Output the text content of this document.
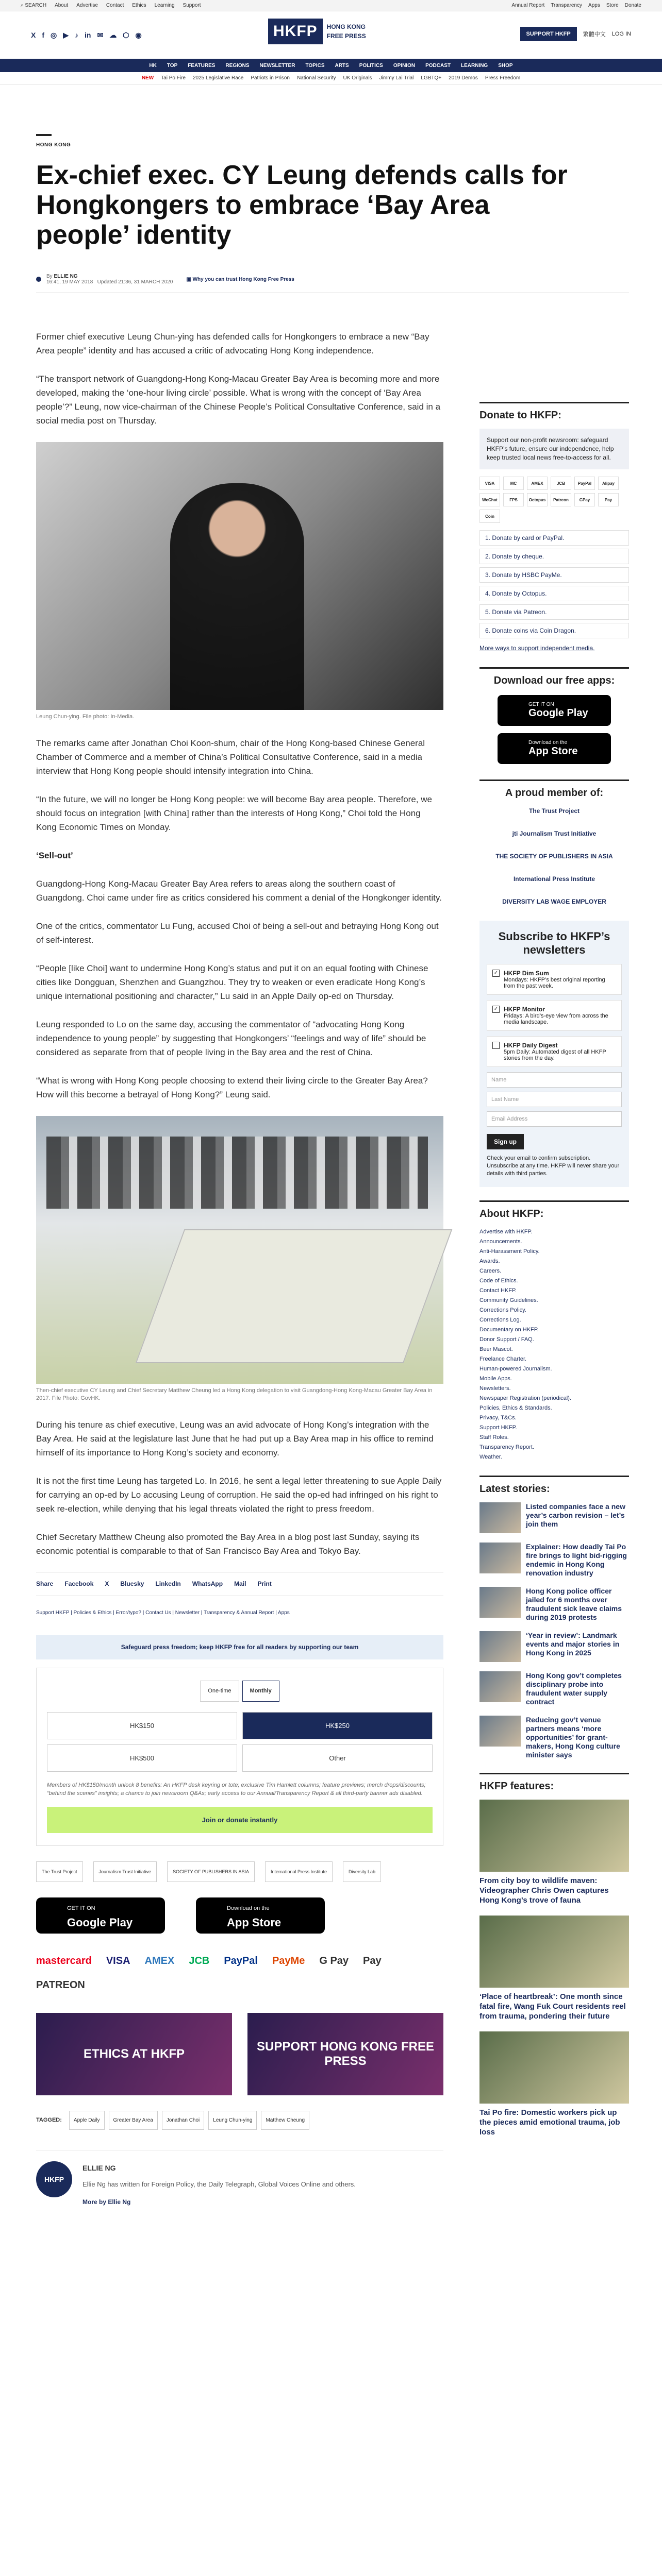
⌕ SEARCH About Advertise Contact Ethics Learning Support	Annual Report Transparency Apps Store Donate
X f ◎ ▶ ♪ in ✉ ☁ ⬡ ◉	HKFP	HONG KONG
FREE PRESS	SUPPORT HKFP	繁體中文 LOG IN
HK TOP FEATURES REGIONS NEWSLETTER TOPICS ARTS POLITICS OPINION PODCAST LEARNING SHOP
NEW Tai Po Fire 2025 Legislative Race Patriots in Prison National Security UK Originals Jimmy Lai Trial LGBTQ+ 2019 Demos Press Freedom
HONG KONG
Ex-chief exec. CY Leung defends calls for Hongkongers to embrace ‘Bay Area people’ identity
By ELLIE NG
16:41, 19 MAY 2018 Updated 21:36, 31 MARCH 2020	▣ Why you can trust Hong Kong Free Press

Former chief executive Leung Chun-ying has defended calls for Hongkongers to embrace a new “Bay Area people” identity and has accused a critic of advocating Hong Kong independence.

“The transport network of Guangdong-Hong Kong-Macau Greater Bay Area is becoming more and more developed, making the ‘one-hour living circle’ possible. What is wrong with the concept of ‘Bay Area people’?” Leung, now vice-chairman of the Chinese People’s Political Consultative Conference, said in a social media post on Thursday.

Leung Chun-ying. File photo: In-Media.

The remarks came after Jonathan Choi Koon-shum, chair of the Hong Kong-based Chinese General Chamber of Commerce and a member of China’s Political Consultative Conference, said in a media interview that Hong Kong people should intensify integration into China.

“In the future, we will no longer be Hong Kong people: we will become Bay area people. Therefore, we should focus on integration [with China] rather than the interests of Hong Kong,” Choi told the Hong Kong Economic Times on Monday.

‘Sell-out’

Guangdong-Hong Kong-Macau Greater Bay Area refers to areas along the southern coast of Guangdong. Choi came under fire as critics considered his comment a denial of the Hongkonger identity.

One of the critics, commentator Lu Fung, accused Choi of being a sell-out and betraying Hong Kong out of self-interest.

“People [like Choi] want to undermine Hong Kong’s status and put it on an equal footing with Chinese cities like Dongguan, Shenzhen and Guangzhou. They try to weaken or even eradicate Hong Kong’s unique international positioning and character,” Lu said in an Apple Daily op-ed on Thursday.

Leung responded to Lo on the same day, accusing the commentator of “advocating Hong Kong independence to young people” by suggesting that Hongkongers’ “feelings and way of life” should be considered as separate from that of people living in the Bay area and the rest of China.

“What is wrong with Hong Kong people choosing to extend their living circle to the Greater Bay Area? How will this become a betrayal of Hong Kong?” Leung said.

Then-chief executive CY Leung and Chief Secretary Matthew Cheung led a Hong Kong delegation to visit Guangdong-Hong Kong-Macau Greater Bay Area in 2017. File Photo: GovHK.

During his tenure as chief executive, Leung was an avid advocate of Hong Kong’s integration with the Bay Area. He said at the legislature last June that he had put up a Bay Area map in his office to remind himself of its importance to Hong Kong’s society and economy.

It is not the first time Leung has targeted Lo. In 2016, he sent a legal letter threatening to sue Apple Daily for carrying an op-ed by Lo accusing Leung of corruption. He said the op-ed had infringed on his right to seek re-election, while denying that his legal threats violated the right to press freedom.

Chief Secretary Matthew Cheung also promoted the Bay Area in a blog post last Sunday, saying its economic potential is comparable to that of San Francisco Bay Area and Tokyo Bay.

Share Facebook X Bluesky LinkedIn WhatsApp Mail Print
Support HKFP | Policies & Ethics | Error/typo? | Contact Us | Newsletter | Transparency & Annual Report | Apps
Safeguard press freedom; keep HKFP free for all readers by supporting our team
One-time	Monthly
HK$150	HK$250
HK$500	Other
Members of HK$150/month unlock 8 benefits: An HKFP desk keyring or tote; exclusive Tim Hamlett columns; feature previews; merch drops/discounts; “behind the scenes” insights; a chance to join newsroom Q&As; early access to our Annual/Transparency Report & all third-party banner ads disabled.
Join or donate instantly
The Trust Project	Journalism Trust Initiative	SOCIETY OF PUBLISHERS IN ASIA	International Press Institute	Diversity Lab
GET IT ON
Google Play
Download on the
App Store
mastercard VISA AMEX JCB PayPal PayMe G Pay Pay
PATREON
ETHICS AT HKFP
SUPPORT HONG KONG FREE PRESS
TAGGED:	Apple Daily	Greater Bay Area	Jonathan Choi	Leung Chun-ying	Matthew Cheung
HKFP
ELLIE NG
Ellie Ng has written for Foreign Policy, the Daily Telegraph, Global Voices Online and others.
More by Ellie Ng
Donate to HKFP:
Support our non-profit newsroom: safeguard HKFP’s future, ensure our independence, help keep trusted local news free-to-access for all.
VISA	MC	AMEX	JCB	PayPal	Alipay
WeChat	FPS	Octopus	Patreon	GPay	Pay
Coin
1. Donate by card or PayPal.
2. Donate by cheque.
3. Donate by HSBC PayMe.
4. Donate by Octopus.
5. Donate via Patreon.
6. Donate coins via Coin Dragon.
More ways to support independent media.
Download our free apps:
GET IT ON
Google Play
Download on the
App Store
A proud member of:
The Trust Project
jti Journalism Trust Initiative
THE SOCIETY OF PUBLISHERS IN ASIA
International Press Institute
DIVERSITY LAB WAGE EMPLOYER
Subscribe to HKFP’s newsletters
✓ HKFP Dim Sum
Mondays: HKFP’s best original reporting from the past week.
✓ HKFP Monitor
Fridays: A bird’s-eye view from across the media landscape.
HKFP Daily Digest
5pm Daily: Automated digest of all HKFP stories from the day.
Name
Last Name
Email Address
Sign up
Check your email to confirm subscription. Unsubscribe at any time. HKFP will never share your details with third parties.
About HKFP:
Advertise with HKFP.
Announcements.
Anti-Harassment Policy.
Awards.
Careers.
Code of Ethics.
Contact HKFP.
Community Guidelines.
Corrections Policy.
Corrections Log.
Documentary on HKFP.
Donor Support / FAQ.
Beer Mascot.
Freelance Charter.
Human-powered Journalism.
Mobile Apps.
Newsletters.
Newspaper Registration (periodical).
Policies, Ethics & Standards.
Privacy, T&Cs.
Support HKFP.
Staff Roles.
Transparency Report.
Weather.
Latest stories:
Listed companies face a new year’s carbon revision – let’s join them
Explainer: How deadly Tai Po fire brings to light bid-rigging endemic in Hong Kong renovation industry
Hong Kong police officer jailed for 6 months over fraudulent sick leave claims during 2019 protests
‘Year in review’: Landmark events and major stories in Hong Kong in 2025
Hong Kong gov’t completes disciplinary probe into fraudulent water supply contract
Reducing gov’t venue partners means ‘more opportunities’ for grant-makers, Hong Kong culture minister says
HKFP features:
From city boy to wildlife maven: Videographer Chris Owen captures Hong Kong’s trove of fauna
‘Place of heartbreak’: One month since fatal fire, Wang Fuk Court residents reel from trauma, pondering their future
Tai Po fire: Domestic workers pick up the pieces amid emotional trauma, job loss
